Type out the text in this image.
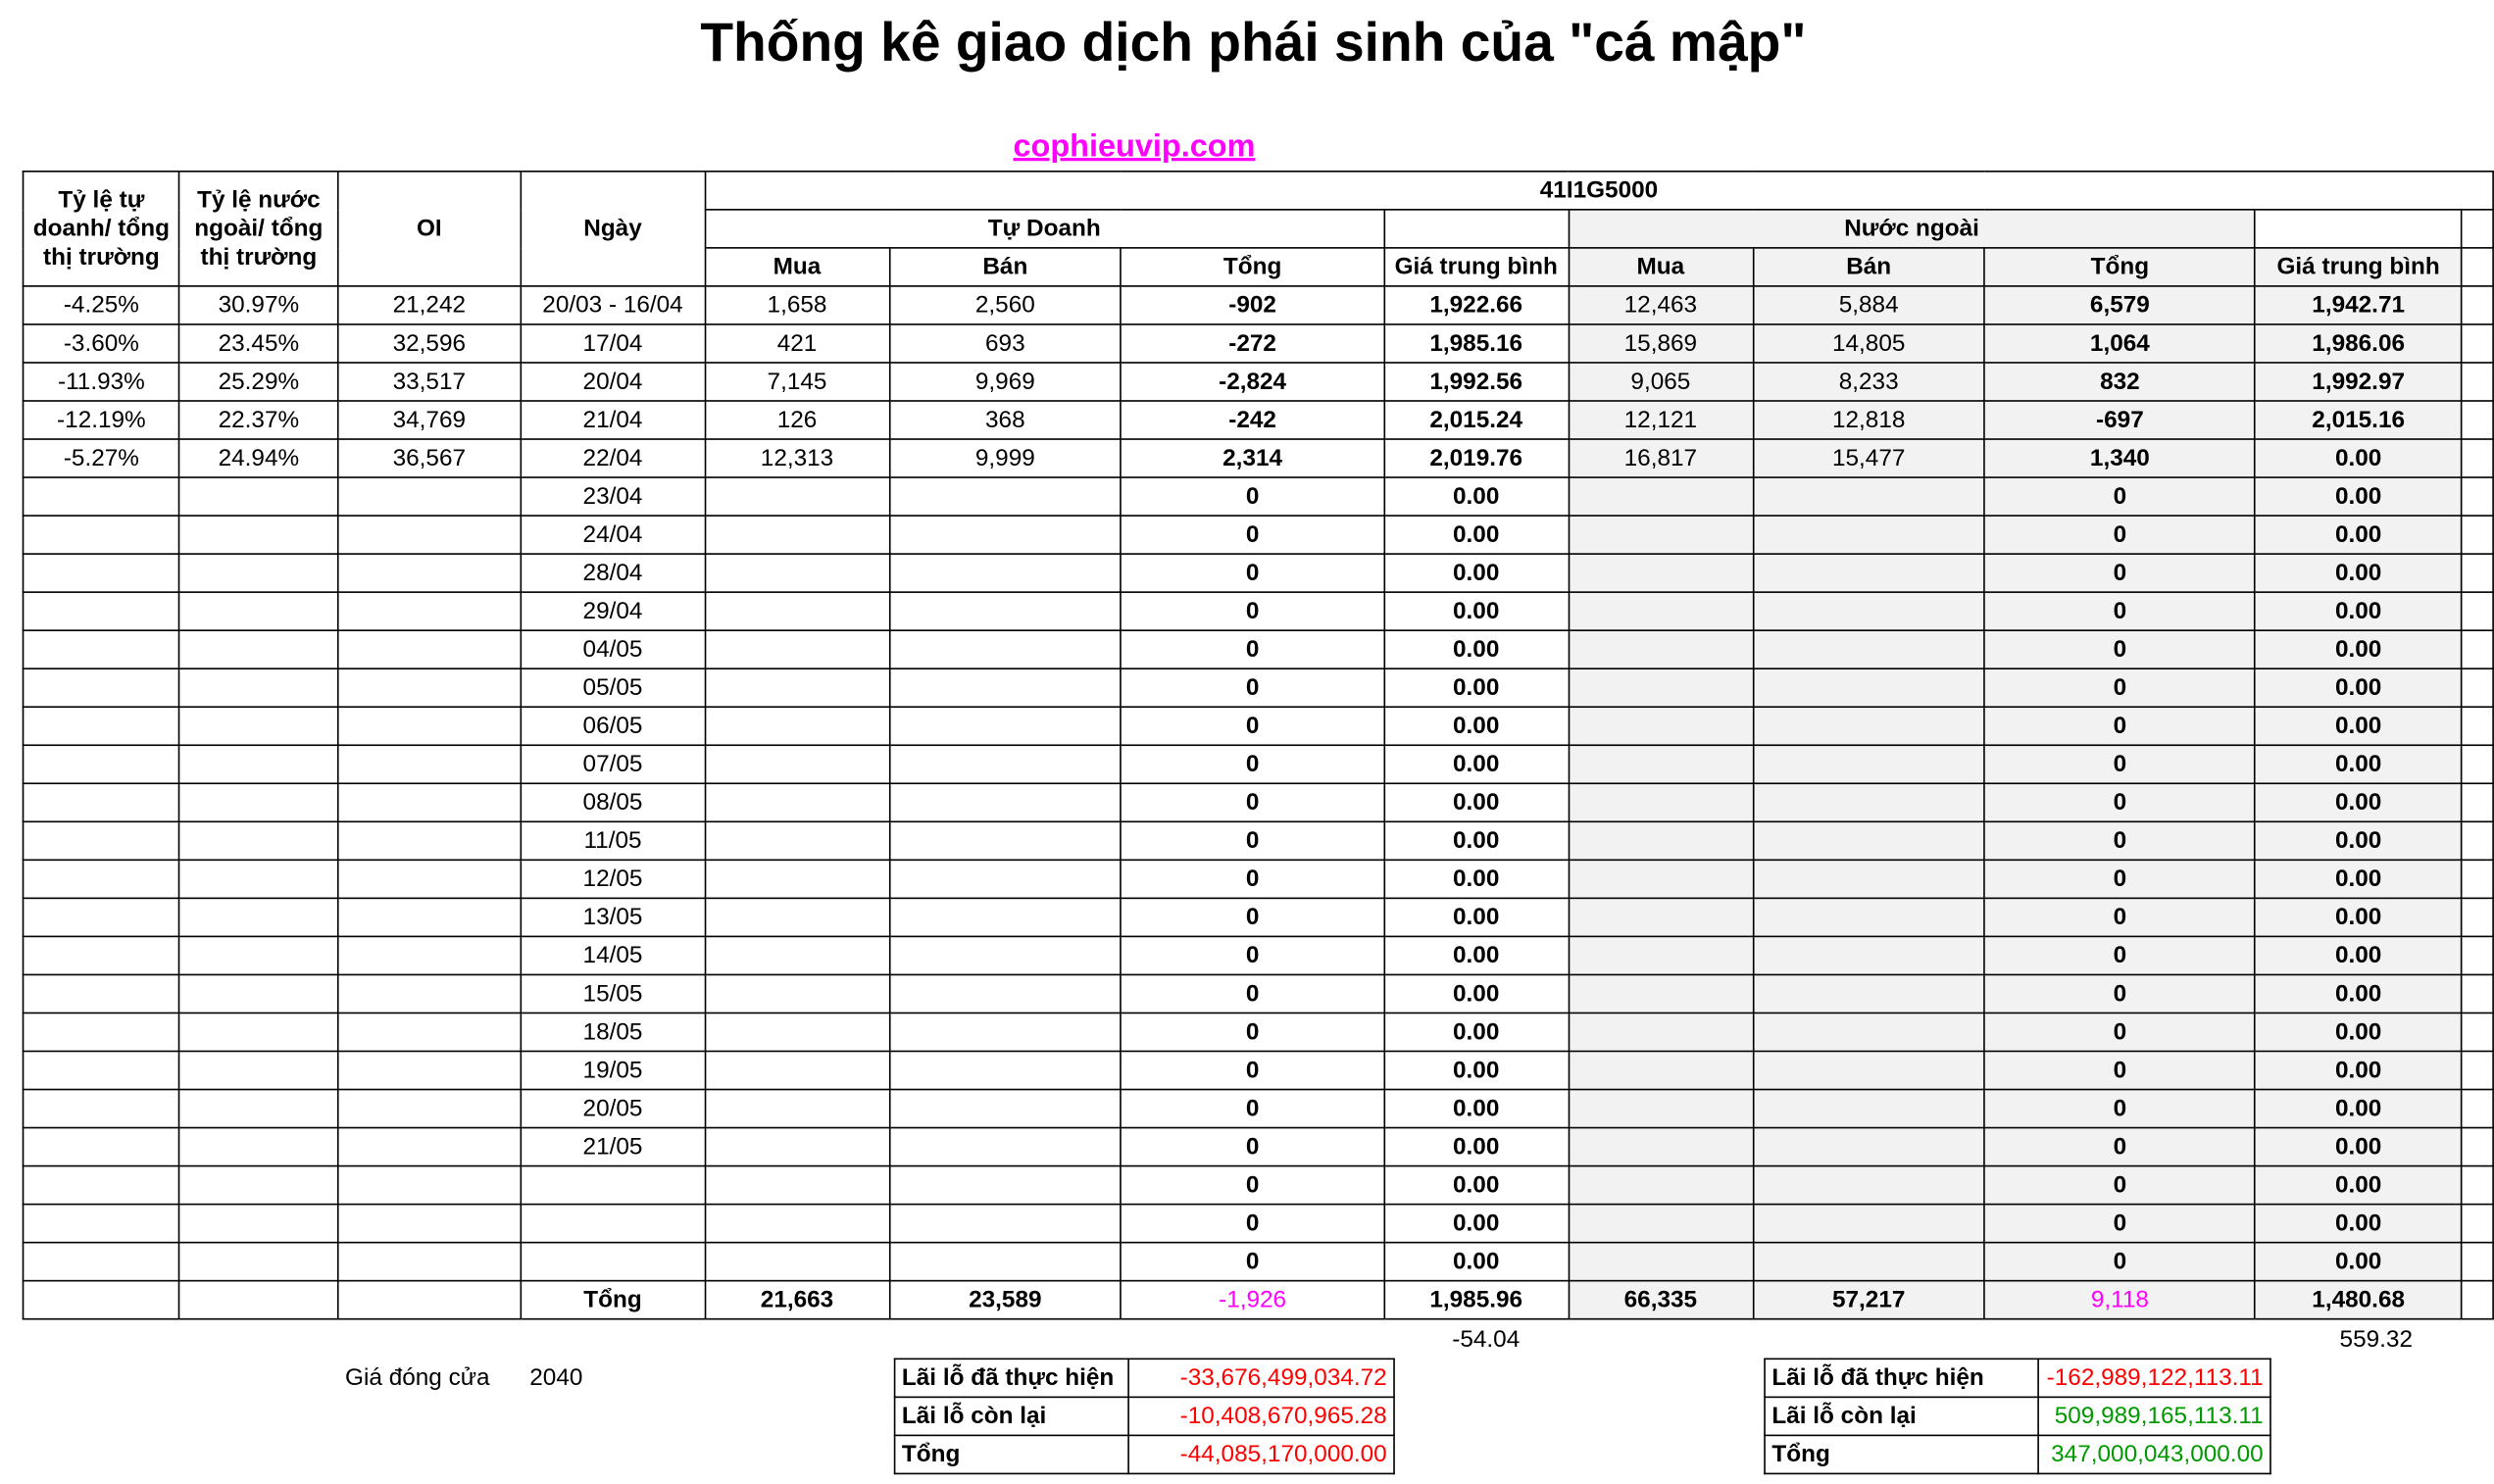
Thống kê giao dịch phái sinh của "cá mập"
cophieuvip.com
Tỷ lệ tự doanh/ tổng thị trường	Tỷ lệ nước ngoài/ tổng thị trường	OI	Ngày	41I1G5000								
				Tự Doanh				Nước ngoài				
				Mua	Bán	Tổng	Giá trung bình	Mua	Bán	Tổng	Giá trung bình	
-4.25%	30.97%	21,242	20/03 - 16/04	1,658	2,560	-902	1,922.66	12,463	5,884	6,579	1,942.71	
-3.60%	23.45%	32,596	17/04	421	693	-272	1,985.16	15,869	14,805	1,064	1,986.06	
-11.93%	25.29%	33,517	20/04	7,145	9,969	-2,824	1,992.56	9,065	8,233	832	1,992.97	
-12.19%	22.37%	34,769	21/04	126	368	-242	2,015.24	12,121	12,818	-697	2,015.16	
-5.27%	24.94%	36,567	22/04	12,313	9,999	2,314	2,019.76	16,817	15,477	1,340	0.00	
			23/04			0	0.00			0	0.00	
			24/04			0	0.00			0	0.00	
			28/04			0	0.00			0	0.00	
			29/04			0	0.00			0	0.00	
			04/05			0	0.00			0	0.00	
			05/05			0	0.00			0	0.00	
			06/05			0	0.00			0	0.00	
			07/05			0	0.00			0	0.00	
			08/05			0	0.00			0	0.00	
			11/05			0	0.00			0	0.00	
			12/05			0	0.00			0	0.00	
			13/05			0	0.00			0	0.00	
			14/05			0	0.00			0	0.00	
			15/05			0	0.00			0	0.00	
			18/05			0	0.00			0	0.00	
			19/05			0	0.00			0	0.00	
			20/05			0	0.00			0	0.00	
			21/05			0	0.00			0	0.00	
						0	0.00			0	0.00	
						0	0.00			0	0.00	
						0	0.00			0	0.00	
			Tổng	21,663	23,589	-1,926	1,985.96	66,335	57,217	9,118	1,480.68	
-54.04	559.32
Giá đóng cửa	2040	Lãi lỗ đã thực hiện	-33,676,499,034.72
Lãi lỗ còn lại	-10,408,670,965.28
Tổng	-44,085,170,000.00
Lãi lỗ đã thực hiện	-162,989,122,113.11
Lãi lỗ còn lại	509,989,165,113.11
Tổng	347,000,043,000.00
